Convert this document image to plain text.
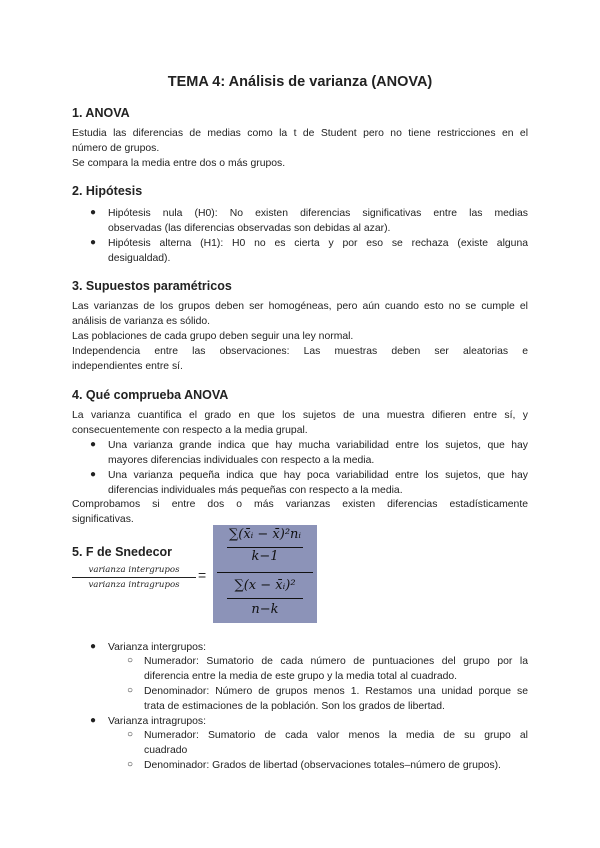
TEMA 4: Análisis de varianza (ANOVA)
1. ANOVA
Estudia las diferencias de medias como la t de Student pero no tiene restricciones en el
número de grupos.
Se compara la media entre dos o más grupos.
2. Hipótesis
● Hipótesis nula (H0): No existen diferencias significativas entre las medias
observadas (las diferencias observadas son debidas al azar).
● Hipótesis alterna (H1): H0 no es cierta y por eso se rechaza (existe alguna
desigualdad).
3. Supuestos paramétricos
Las varianzas de los grupos deben ser homogéneas, pero aún cuando esto no se cumple el
análisis de varianza es sólido.
Las poblaciones de cada grupo deben seguir una ley normal.
Independencia entre las observaciones: Las muestras deben ser aleatorias e
independientes entre sí.
4. Qué comprueba ANOVA
La varianza cuantifica el grado en que los sujetos de una muestra difieren entre sí, y
consecuentemente con respecto a la media grupal.
● Una varianza grande indica que hay mucha variabilidad entre los sujetos, que hay
mayores diferencias individuales con respecto a la media.
● Una varianza pequeña indica que hay poca variabilidad entre los sujetos, que hay
diferencias individuales más pequeñas con respecto a la media.
Comprobamos si entre dos o más varianzas existen diferencias estadísticamente
significativas.
5. F de Snedecor
varianza intergrupos
varianza intragrupos
=
∑(x̄ᵢ − x̄)²nᵢ
k−1
∑(x − x̄ᵢ)²
n−k
● Varianza intergrupos:
○ Numerador: Sumatorio de cada número de puntuaciones del grupo por la
diferencia entre la media de este grupo y la media total al cuadrado.
○ Denominador: Número de grupos menos 1. Restamos una unidad porque se
trata de estimaciones de la población. Son los grados de libertad.
● Varianza intragrupos:
○ Numerador: Sumatorio de cada valor menos la media de su grupo al
cuadrado
○ Denominador: Grados de libertad (observaciones totales–número de grupos).
